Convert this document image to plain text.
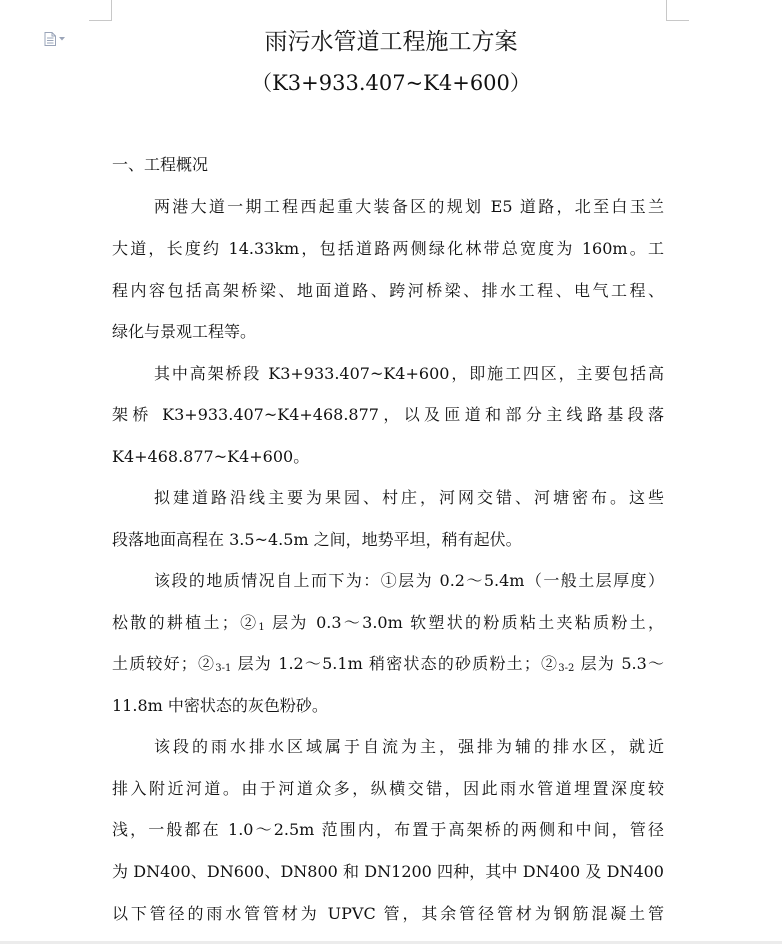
雨污水管道工程施工方案
（K3+933.407~K4+600）
一、工程概况
两港大道一期工程西起重大装备区的规划 E5 道路，北至白玉兰
大道，长度约 14.33km，包括道路两侧绿化林带总宽度为 160m。工
程内容包括高架桥梁、地面道路、跨河桥梁、排水工程、电气工程、
绿化与景观工程等。
其中高架桥段 K3+933.407~K4+600，即施工四区，主要包括高
架桥 K3+933.407~K4+468.877，以及匝道和部分主线路基段落
K4+468.877~K4+600。
拟建道路沿线主要为果园、村庄，河网交错、河塘密布。这些
段落地面高程在 3.5~4.5m 之间，地势平坦，稍有起伏。
该段的地质情况自上而下为：①层为 0.2～5.4m（一般土层厚度）
松散的耕植土；$②_1$ 层为 0.3～3.0m 软塑状的粉质粘土夹粘质粉土，
土质较好；$②_{3-1}$ 层为 1.2～5.1m 稍密状态的砂质粉土；$②_{3-2}$ 层为 5.3～
11.8m 中密状态的灰色粉砂。
该段的雨水排水区域属于自流为主，强排为辅的排水区，就近
排入附近河道。由于河道众多，纵横交错，因此雨水管道埋置深度较
浅，一般都在 1.0～2.5m 范围内，布置于高架桥的两侧和中间，管径
为 DN400、DN600、DN800 和 DN1200 四种，其中 DN400 及 DN400
以下管径的雨水管管材为 UPVC 管，其余管径管材为钢筋混凝土管
